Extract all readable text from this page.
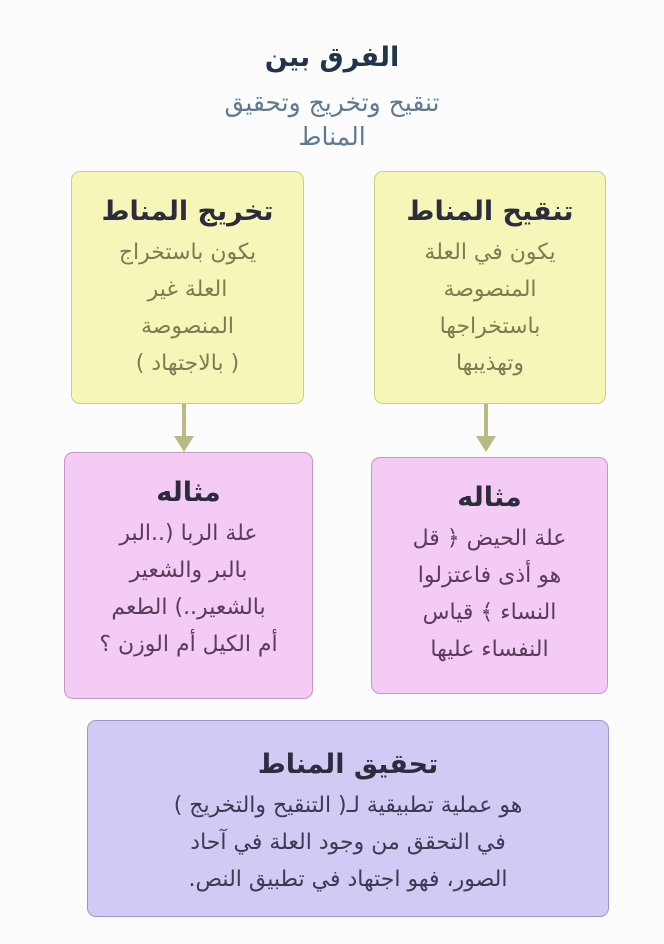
الفرق بين
تنقيح وتخريج وتحقيق
المناط
تنقيح المناط
يكون في العلة
المنصوصة
باستخراجها
وتهذيبها
تخريج المناط
يكون باستخراج
العلة غير
المنصوصة
( بالاجتهاد )
مثاله
علة الحيض ﴿ قل
هو أذى فاعتزلوا
النساء ﴾ قياس
النفساء عليها
مثاله
علة الربا (..البر
بالبر والشعير
بالشعير..) الطعم
أم الكيل أم الوزن ؟
تحقيق المناط
هو عملية تطبيقية لـ( التنقيح والتخريج )
في التحقق من وجود العلة في آحاد
الصور، فهو اجتهاد في تطبيق النص.
